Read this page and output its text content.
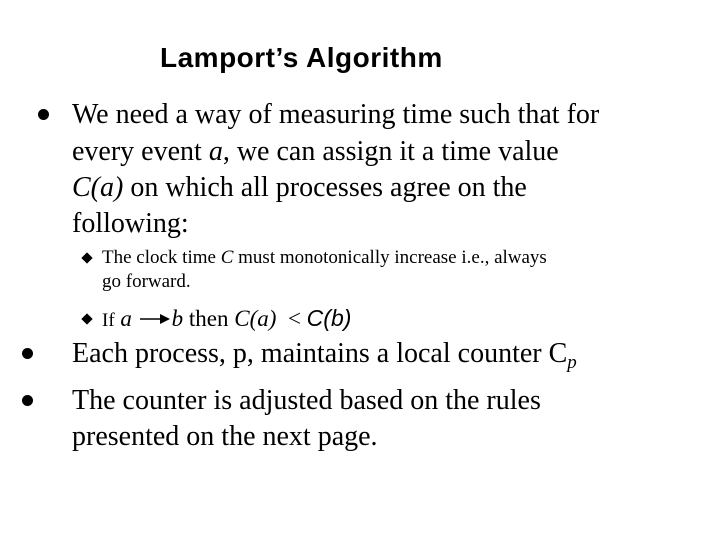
Lamport’s Algorithm
We need a way of measuring time such that for
every event a, we can assign it a time value
C(a) on which all processes agree on the
following:
The clock time C must monotonically increase i.e., always
go forward.
If a b then C(a) < C(b)
Each process, p, maintains a local counter $C_p$
The counter is adjusted based on the rules
presented on the next page.
